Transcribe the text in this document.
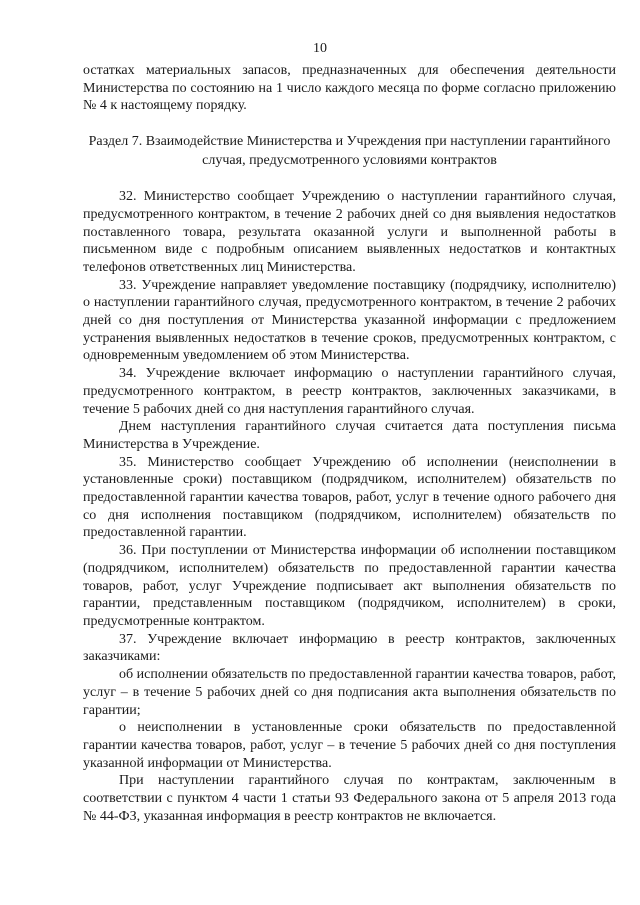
10

остатках материальных запасов, предназначенных для обеспечения деятельности Министерства по состоянию на 1 число каждого месяца по форме согласно приложению № 4 к настоящему порядку.

Раздел 7. Взаимодействие Министерства и Учреждения при наступлении гарантийного случая, предусмотренного условиями контрактов

32. Министерство сообщает Учреждению о наступлении гарантийного случая, предусмотренного контрактом, в течение 2 рабочих дней со дня выявления недостатков поставленного товара, результата оказанной услуги и выполненной работы в письменном виде с подробным описанием выявленных недостатков и контактных телефонов ответственных лиц Министерства.

33. Учреждение направляет уведомление поставщику (подрядчику, исполнителю) о наступлении гарантийного случая, предусмотренного контрактом, в течение 2 рабочих дней со дня поступления от Министерства указанной информации с предложением устранения выявленных недостатков в течение сроков, предусмотренных контрактом, с одновременным уведомлением об этом Министерства.

34. Учреждение включает информацию о наступлении гарантийного случая, предусмотренного контрактом, в реестр контрактов, заключенных заказчиками, в течение 5 рабочих дней со дня наступления гарантийного случая.

Днем наступления гарантийного случая считается дата поступления письма Министерства в Учреждение.

35. Министерство сообщает Учреждению об исполнении (неисполнении в установленные сроки) поставщиком (подрядчиком, исполнителем) обязательств по предоставленной гарантии качества товаров, работ, услуг в течение одного рабочего дня со дня исполнения поставщиком (подрядчиком, исполнителем) обязательств по предоставленной гарантии.

36. При поступлении от Министерства информации об исполнении поставщиком (подрядчиком, исполнителем) обязательств по предоставленной гарантии качества товаров, работ, услуг Учреждение подписывает акт выполнения обязательств по гарантии, представленным поставщиком (подрядчиком, исполнителем) в сроки, предусмотренные контрактом.

37. Учреждение включает информацию в реестр контрактов, заключенных заказчиками:

об исполнении обязательств по предоставленной гарантии качества товаров, работ, услуг – в течение 5 рабочих дней со дня подписания акта выполнения обязательств по гарантии;

о неисполнении в установленные сроки обязательств по предоставленной гарантии качества товаров, работ, услуг – в течение 5 рабочих дней со дня поступления указанной информации от Министерства.

При наступлении гарантийного случая по контрактам, заключенным в соответствии с пунктом 4 части 1 статьи 93 Федерального закона от 5 апреля 2013 года № 44-ФЗ, указанная информация в реестр контрактов не включается.
